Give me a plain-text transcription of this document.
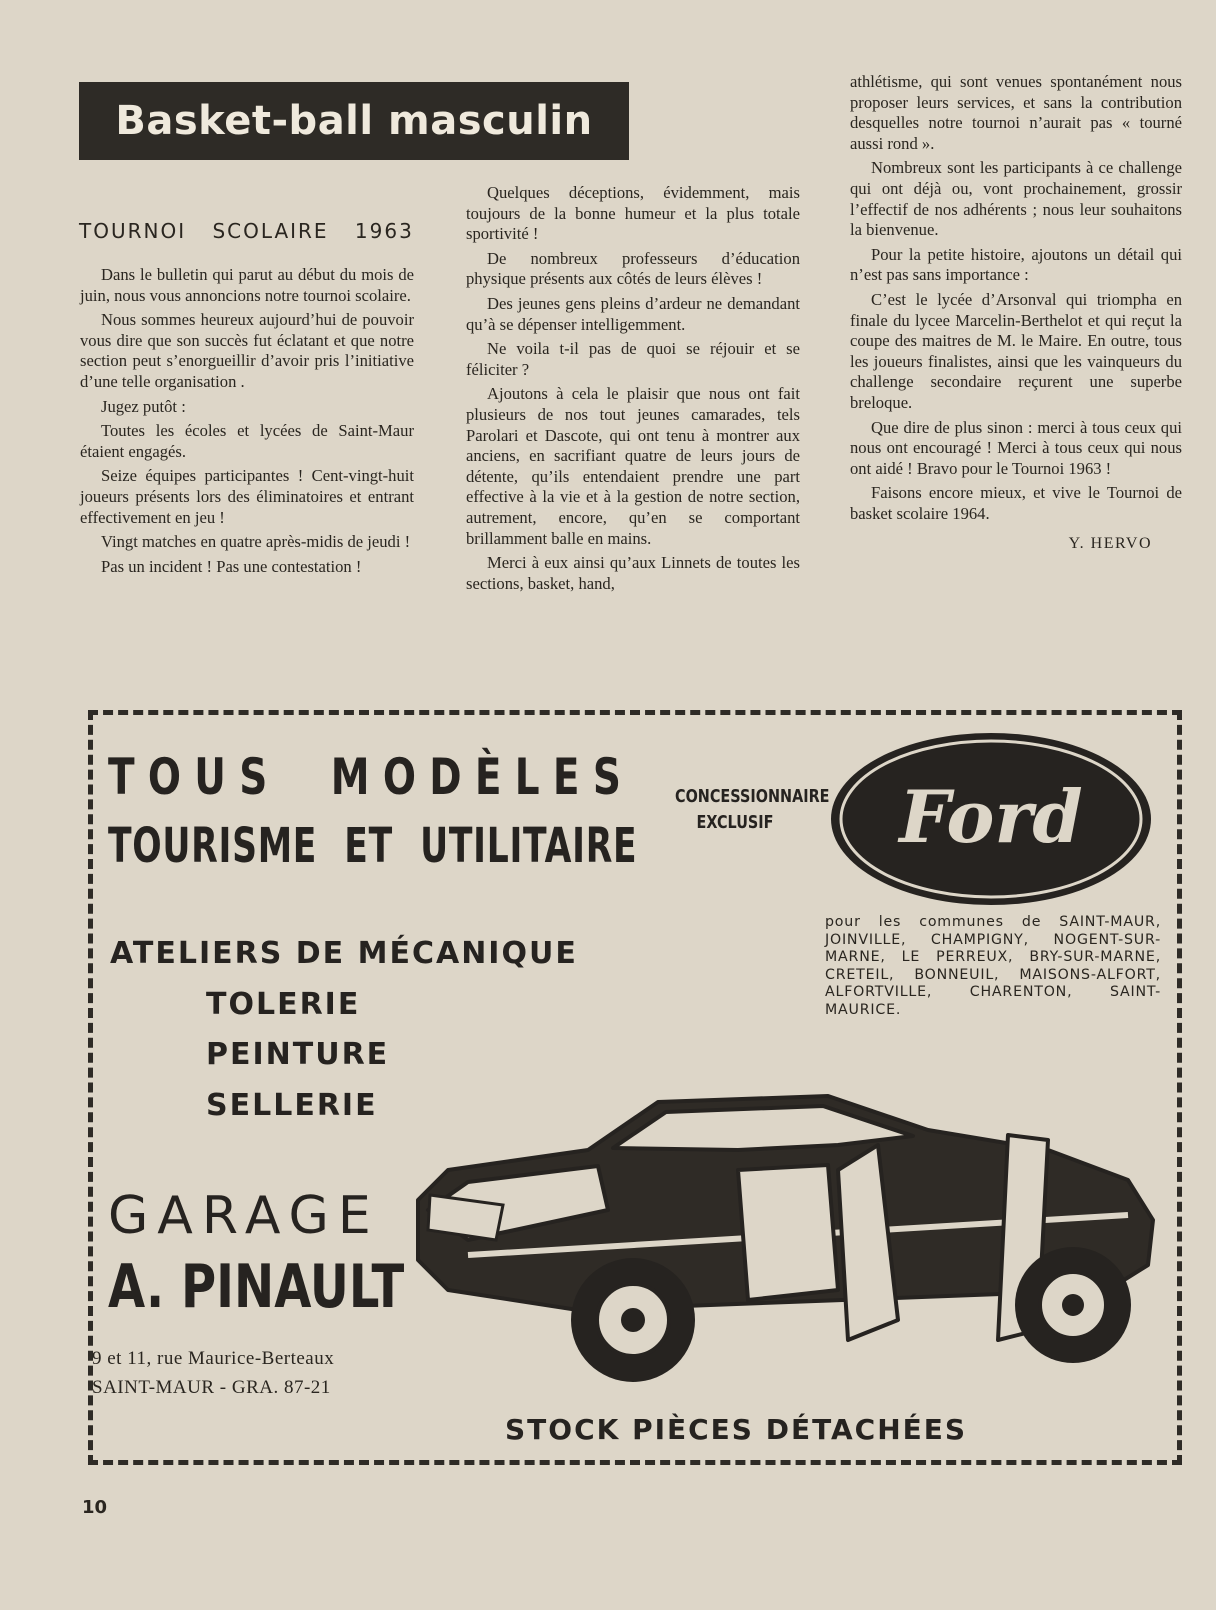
Basket-ball masculin
TOURNOI SCOLAIRE 1963

Dans le bulletin qui parut au début du mois de juin, nous vous annoncions notre tournoi scolaire.

Nous sommes heureux aujourd’hui de pouvoir vous dire que son succès fut éclatant et que notre section peut s’enorgueillir d’avoir pris l’initiative d’une telle organisation .

Jugez putôt :

Toutes les écoles et lycées de Saint-Maur étaient engagés.

Seize équipes participantes ! Cent-vingt-huit joueurs présents lors des éliminatoires et entrant effectivement en jeu !

Vingt matches en quatre après-midis de jeudi !

Pas un incident ! Pas une contestation !

Quelques déceptions, évidemment, mais toujours de la bonne humeur et la plus totale sportivité !

De nombreux professeurs d’éducation physique présents aux côtés de leurs élèves !

Des jeunes gens pleins d’ardeur ne demandant qu’à se dépenser intelligemment.

Ne voila t-il pas de quoi se réjouir et se féliciter ?

Ajoutons à cela le plaisir que nous ont fait plusieurs de nos tout jeunes camarades, tels Parolari et Dascote, qui ont tenu à montrer aux anciens, en sacrifiant quatre de leurs jours de détente, qu’ils entendaient prendre une part effective à la vie et à la gestion de notre section, autrement, encore, qu’en se comportant brillamment balle en mains.

Merci à eux ainsi qu’aux Linnets de toutes les sections, basket, hand,

athlétisme, qui sont venues spontanément nous proposer leurs services, et sans la contribution desquelles notre tournoi n’aurait pas « tourné aussi rond ».

Nombreux sont les participants à ce challenge qui ont déjà ou, vont prochainement, grossir l’effectif de nos adhérents ; nous leur souhaitons la bienvenue.

Pour la petite histoire, ajoutons un détail qui n’est pas sans importance :

C’est le lycée d’Arsonval qui triompha en finale du lycee Marcelin-Berthelot et qui reçut la coupe des maitres de M. le Maire. En outre, tous les joueurs finalistes, ainsi que les vainqueurs du challenge secondaire reçurent une superbe breloque.

Que dire de plus sinon : merci à tous ceux qui nous ont encouragé ! Merci à tous ceux qui nous ont aidé ! Bravo pour le Tournoi 1963 !

Faisons encore mieux, et vive le Tournoi de basket scolaire 1964.

Y. HERVO
TOUS MODÈLES
TOURISME ET UTILITAIRE
CONCESSIONNAIRE
EXCLUSIF Ford
pour les communes de SAINT-MAUR, JOINVILLE, CHAMPIGNY, NOGENT-SUR-MARNE, LE PERREUX, BRY-SUR-MARNE, CRETEIL, BONNEUIL, MAISONS-ALFORT, ALFORTVILLE, CHARENTON, SAINT-MAURICE.
ATELIERS DE MÉCANIQUE
TOLERIE
PEINTURE
SELLERIE
GARAGE
A. PINAULT
9 et 11, rue Maurice-Berteaux
SAINT-MAUR - GRA. 87-21
STOCK PIÈCES DÉTACHÉES
10
